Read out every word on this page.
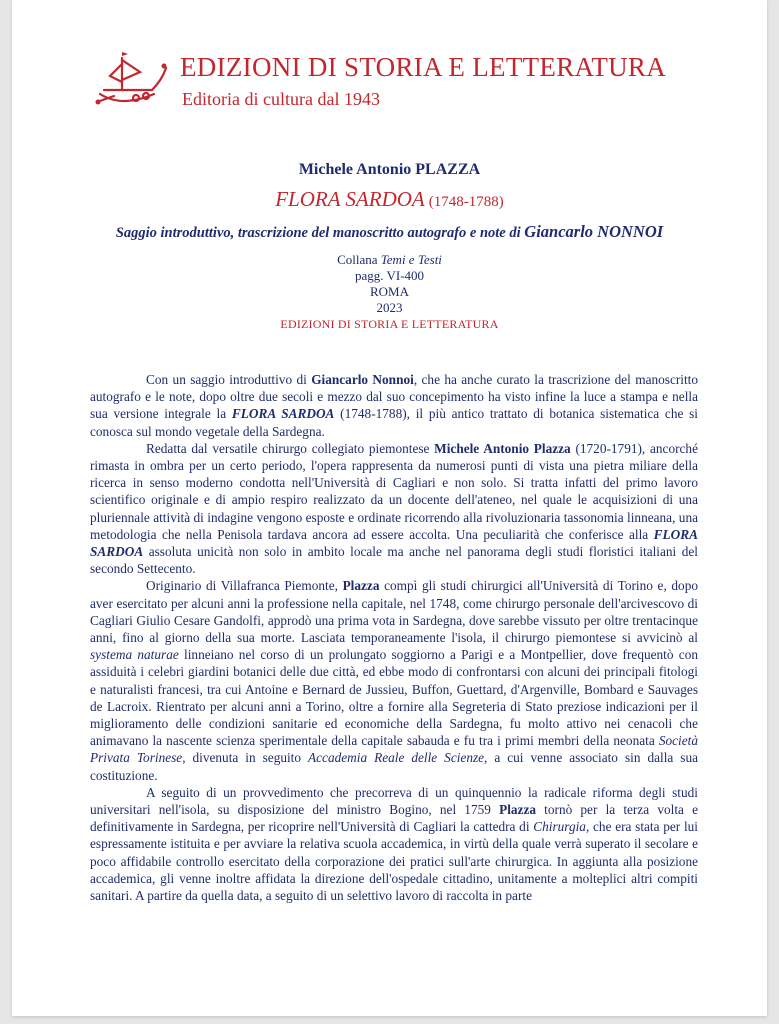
EDIZIONI DI STORIA E LETTERATURA
Editoria di cultura dal 1943
Michele Antonio PLAZZA
FLORA SARDOA (1748-1788)
Saggio introduttivo, trascrizione del manoscritto autografo e note di Giancarlo NONNOI
Collana Temi e Testi
pagg. VI-400
ROMA
2023
EDIZIONI DI STORIA E LETTERATURA

Con un saggio introduttivo di Giancarlo Nonnoi, che ha anche curato la trascrizione del manoscritto autografo e le note, dopo oltre due secoli e mezzo dal suo concepimento ha visto infine la luce a stampa e nella sua versione integrale la FLORA SARDOA (1748-1788), il più antico trattato di botanica sistematica che si conosca sul mondo vegetale della Sardegna.

Redatta dal versatile chirurgo collegiato piemontese Michele Antonio Plazza (1720-1791), ancorché rimasta in ombra per un certo periodo, l'opera rappresenta da numerosi punti di vista una pietra miliare della ricerca in senso moderno condotta nell'Università di Cagliari e non solo. Si tratta infatti del primo lavoro scientifico originale e di ampio respiro realizzato da un docente dell'ateneo, nel quale le acquisizioni di una pluriennale attività di indagine vengono esposte e ordinate ricorrendo alla rivoluzionaria tassonomia linneana, una metodologia che nella Penisola tardava ancora ad essere accolta. Una peculiarità che conferisce alla FLORA SARDOA assoluta unicità non solo in ambito locale ma anche nel panorama degli studi floristici italiani del secondo Settecento.

Originario di Villafranca Piemonte, Plazza compì gli studi chirurgici all'Università di Torino e, dopo aver esercitato per alcuni anni la professione nella capitale, nel 1748, come chirurgo personale dell'arcivescovo di Cagliari Giulio Cesare Gandolfi, approdò una prima vota in Sardegna, dove sarebbe vissuto per oltre trentacinque anni, fino al giorno della sua morte. Lasciata temporaneamente l'isola, il chirurgo piemontese si avvicinò al systema naturae linneiano nel corso di un prolungato soggiorno a Parigi e a Montpellier, dove frequentò con assiduità i celebri giardini botanici delle due città, ed ebbe modo di confrontarsi con alcuni dei principali fitologi e naturalisti francesi, tra cui Antoine e Bernard de Jussieu, Buffon, Guettard, d'Argenville, Bombard e Sauvages de Lacroix. Rientrato per alcuni anni a Torino, oltre a fornire alla Segreteria di Stato preziose indicazioni per il miglioramento delle condizioni sanitarie ed economiche della Sardegna, fu molto attivo nei cenacoli che animavano la nascente scienza sperimentale della capitale sabauda e fu tra i primi membri della neonata Società Privata Torinese, divenuta in seguito Accademia Reale delle Scienze, a cui venne associato sin dalla sua costituzione.

A seguito di un provvedimento che precorreva di un quinquennio la radicale riforma degli studi universitari nell'isola, su disposizione del ministro Bogino, nel 1759 Plazza tornò per la terza volta e definitivamente in Sardegna, per ricoprire nell'Università di Cagliari la cattedra di Chirurgia, che era stata per lui espressamente istituita e per avviare la relativa scuola accademica, in virtù della quale verrà superato il secolare e poco affidabile controllo esercitato della corporazione dei pratici sull'arte chirurgica. In aggiunta alla posizione accademica, gli venne inoltre affidata la direzione dell'ospedale cittadino, unitamente a molteplici altri compiti sanitari. A partire da quella data, a seguito di un selettivo lavoro di raccolta in parte
